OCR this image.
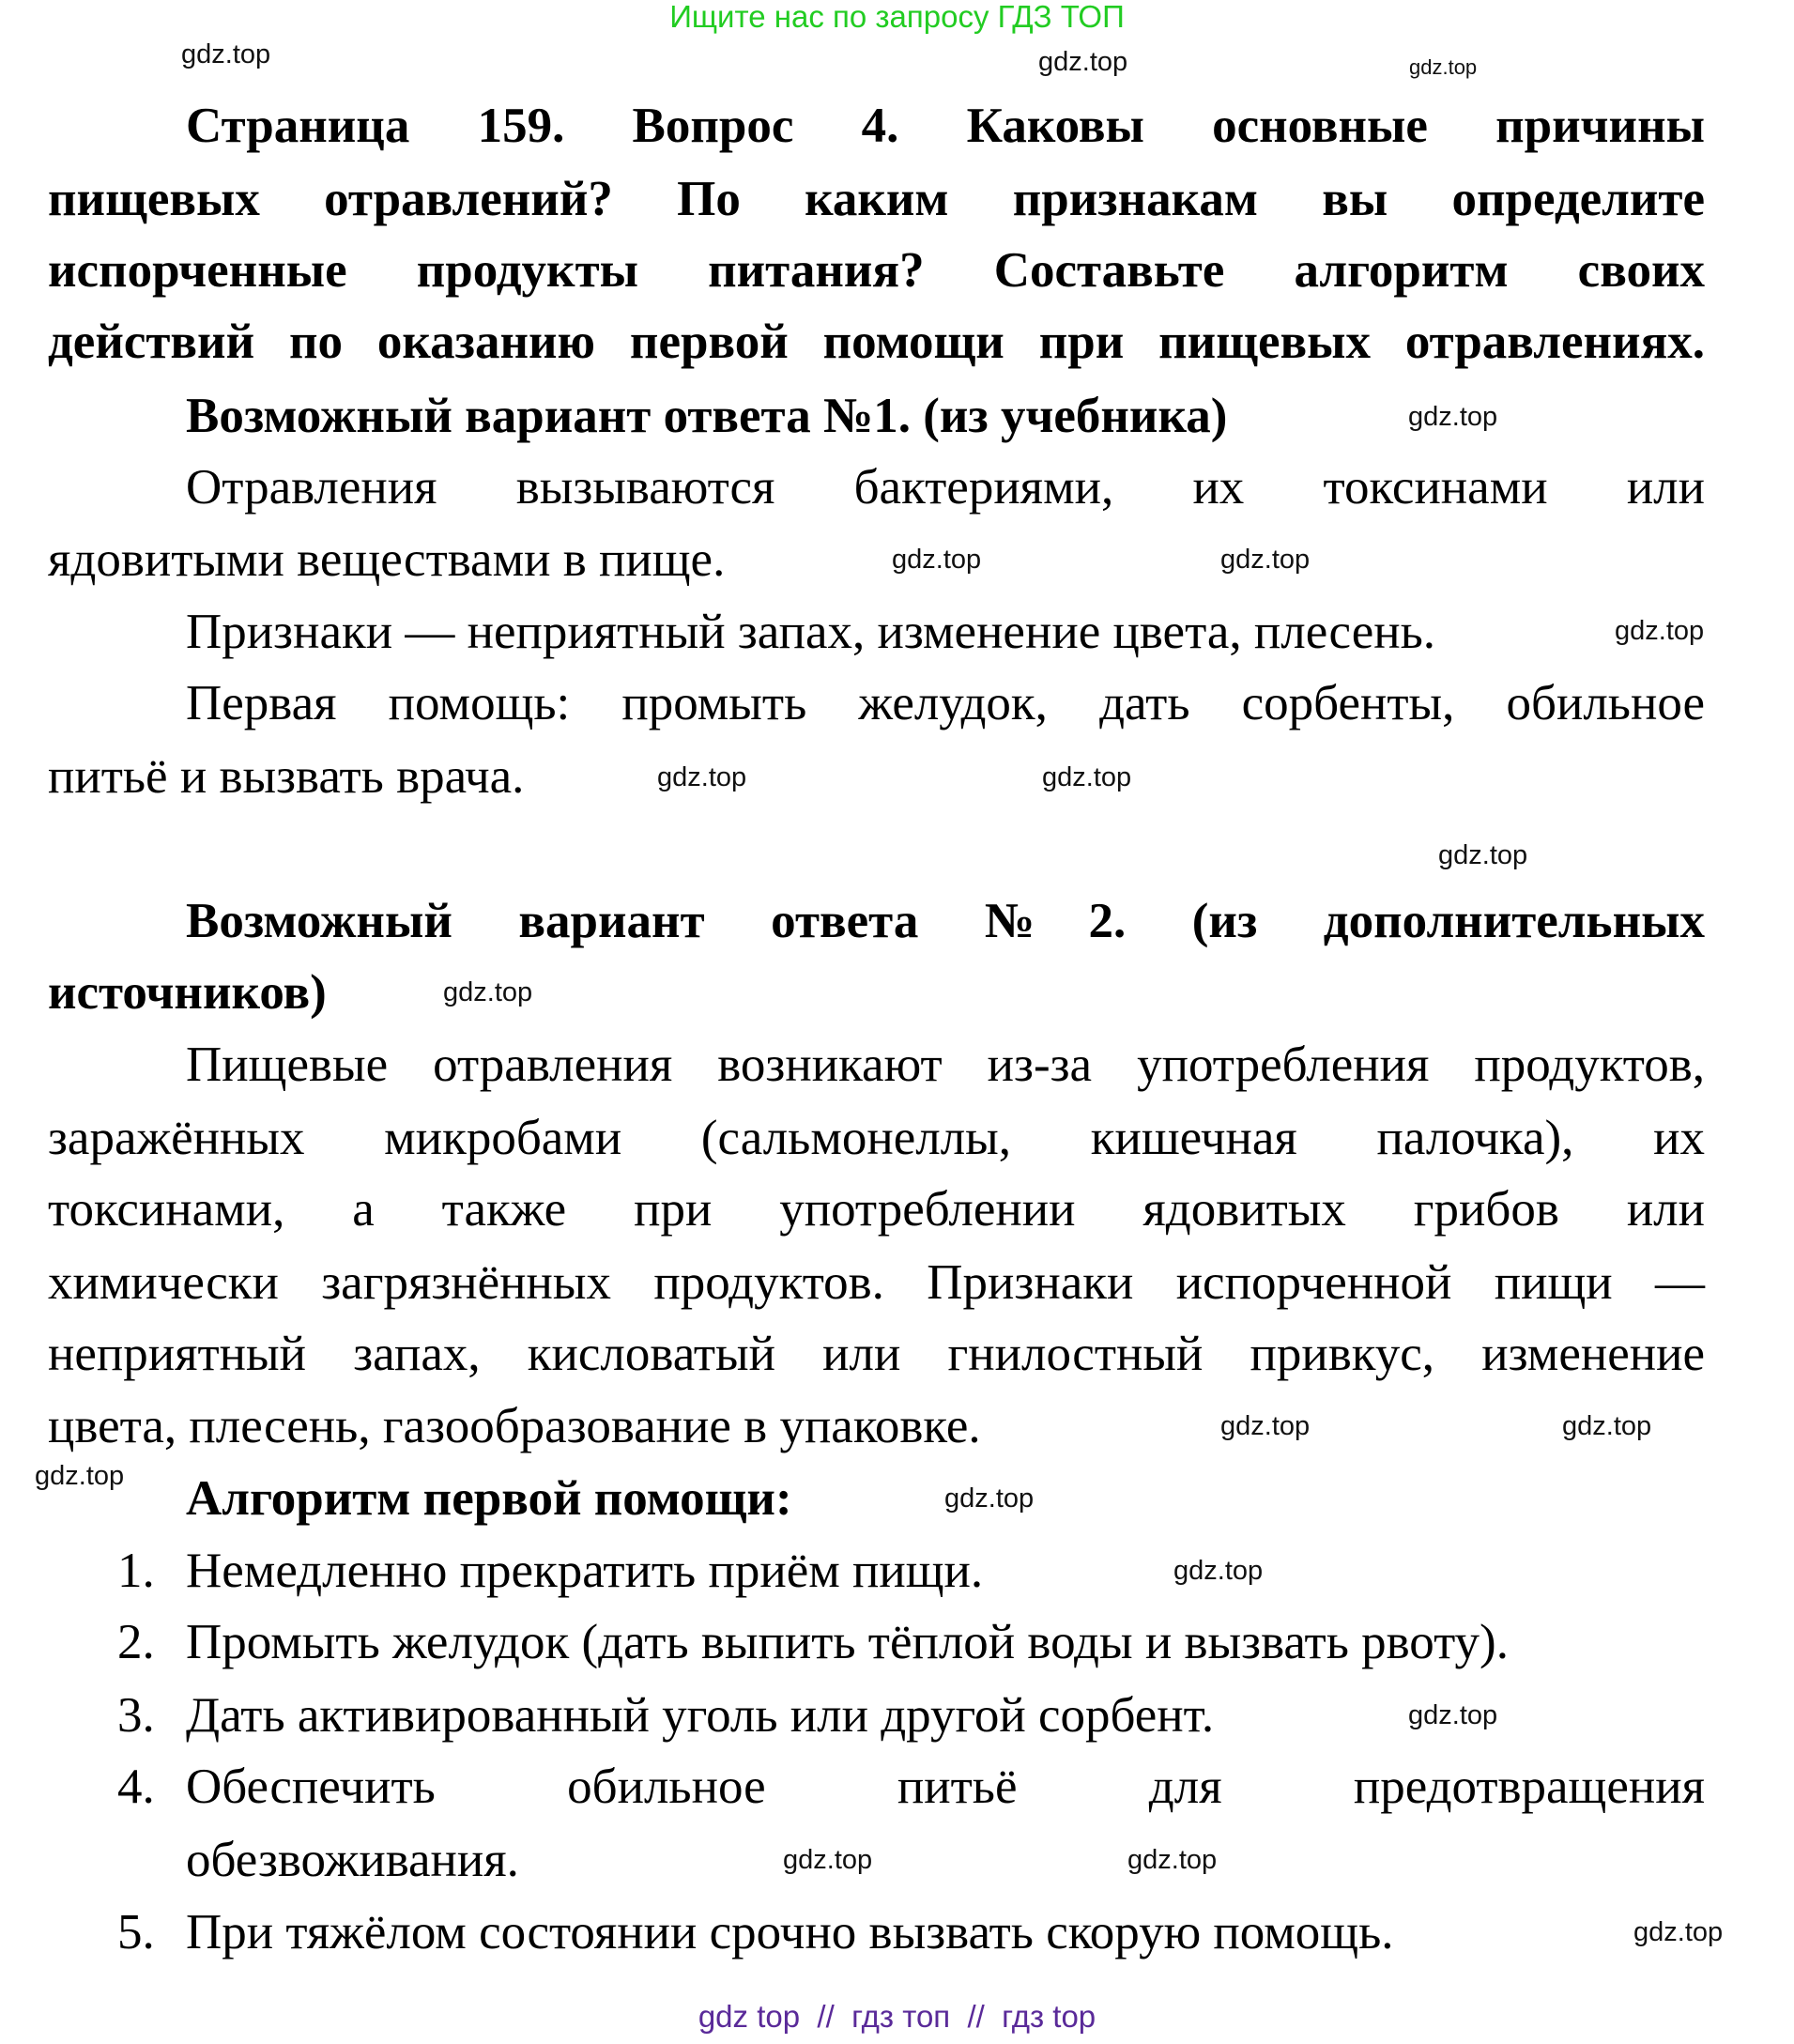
Ищите нас по запросу ГДЗ ТОП
Страница 159. Вопрос 4. Каковы основные причины
пищевых отравлений? По каким признакам вы определите
испорченные продукты питания? Составьте алгоритм своих
действий по оказанию первой помощи при пищевых отравлениях.
Возможный вариант ответа №1. (из учебника)
Отравления вызываются бактериями, их токсинами или
ядовитыми веществами в пище.
Признаки — неприятный запах, изменение цвета, плесень.
Первая помощь: промыть желудок, дать сорбенты, обильное
питьё и вызвать врача.
Возможный вариант ответа №2. (из дополнительных
источников)
Пищевые отравления возникают из-за употребления продуктов,
заражённых микробами (сальмонеллы, кишечная палочка), их
токсинами, а также при употреблении ядовитых грибов или
химически загрязнённых продуктов. Признаки испорченной пищи —
неприятный запах, кисловатый или гнилостный привкус, изменение
цвета, плесень, газообразование в упаковке.
Алгоритм первой помощи:
1. Немедленно прекратить приём пищи.
2. Промыть желудок (дать выпить тёплой воды и вызвать рвоту).
3. Дать активированный уголь или другой сорбент.
4. Обеспечить обильное питьё для предотвращения
обезвоживания.
5. При тяжёлом состоянии срочно вызвать скорую помощь.
gdz.top	gdz.top
gdz.top
gdz.top
gdz.top	gdz.top
gdz.top
gdz.top	gdz.top
gdz.top
gdz.top
gdz.top	gdz.top
gdz.top
gdz.top
gdz.top
gdz.top
gdz.top
gdz.top
gdz.top
gdz top  //  гдз топ  //  гдз top
